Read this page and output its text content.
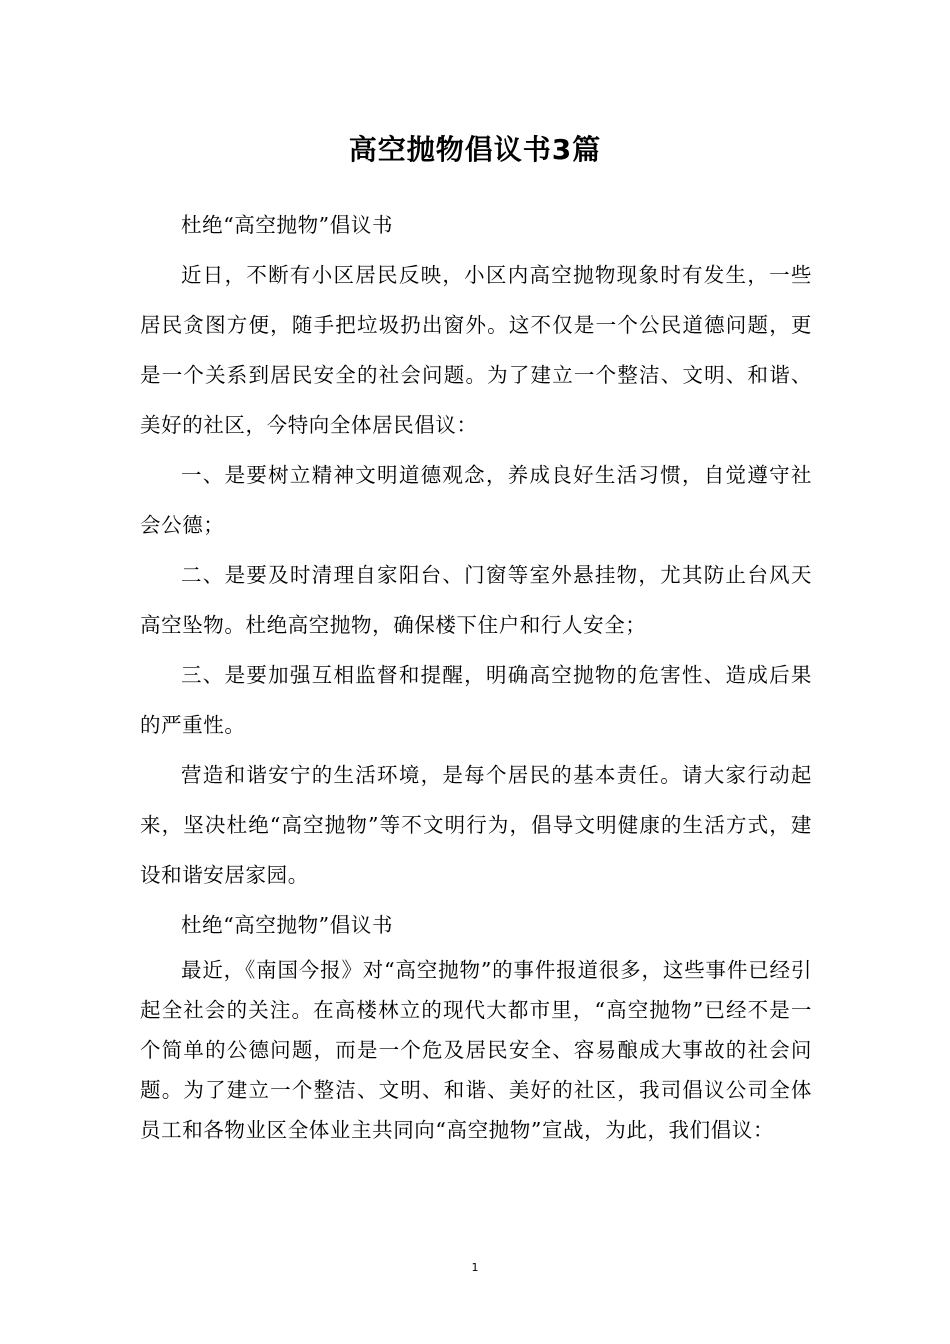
高空抛物倡议书3篇

杜绝“高空抛物”倡议书

近日，不断有小区居民反映，小区内高空抛物现象时有发生，一些居民贪图方便，随手把垃圾扔出窗外。这不仅是一个公民道德问题，更是一个关系到居民安全的社会问题。为了建立一个整洁、文明、和谐、美好的社区，今特向全体居民倡议：

一、是要树立精神文明道德观念，养成良好生活习惯，自觉遵守社会公德；

二、是要及时清理自家阳台、门窗等室外悬挂物，尤其防止台风天高空坠物。杜绝高空抛物，确保楼下住户和行人安全；

三、是要加强互相监督和提醒，明确高空抛物的危害性、造成后果的严重性。

营造和谐安宁的生活环境，是每个居民的基本责任。请大家行动起来，坚决杜绝“高空抛物”等不文明行为，倡导文明健康的生活方式，建设和谐安居家园。

杜绝“高空抛物”倡议书

最近，《南国今报》对“高空抛物”的事件报道很多，这些事件已经引起全社会的关注。在高楼林立的现代大都市里，“高空抛物”已经不是一个简单的公德问题，而是一个危及居民安全、容易酿成大事故的社会问题。为了建立一个整洁、文明、和谐、美好的社区，我司倡议公司全体员工和各物业区全体业主共同向“高空抛物”宣战，为此，我们倡议：

1
